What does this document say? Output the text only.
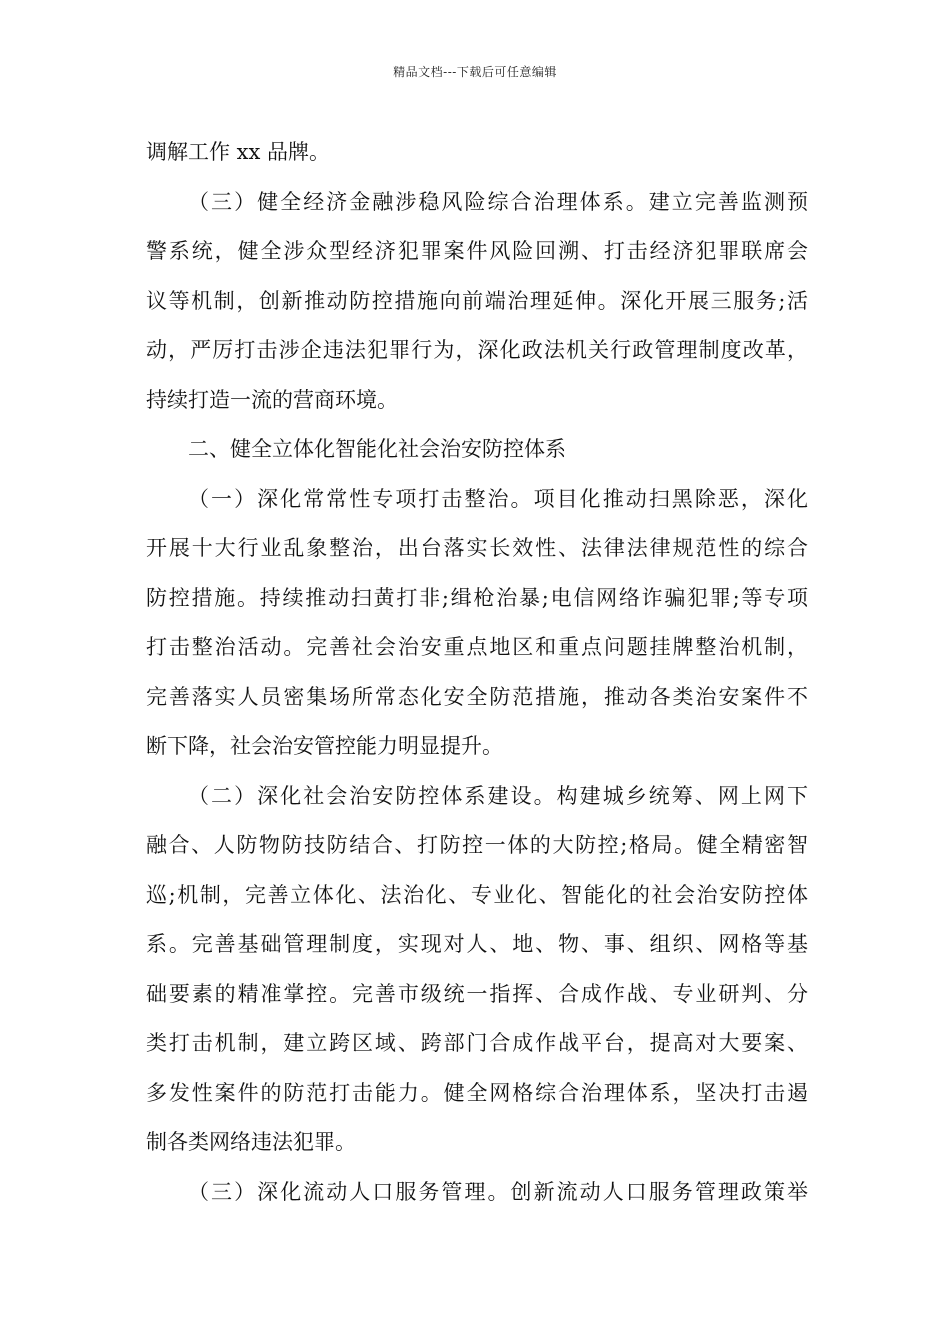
精品文档---下载后可任意编辑
调解工作 xx 品牌。
（三）健全经济金融涉稳风险综合治理体系。建立完善监测预
警系统，健全涉众型经济犯罪案件风险回溯、打击经济犯罪联席会
议等机制，创新推动防控措施向前端治理延伸。深化开展三服务;活
动，严厉打击涉企违法犯罪行为，深化政法机关行政管理制度改革，
持续打造一流的营商环境。
二、健全立体化智能化社会治安防控体系
（一）深化常常性专项打击整治。项目化推动扫黑除恶，深化
开展十大行业乱象整治，出台落实长效性、法律法律规范性的综合
防控措施。持续推动扫黄打非;缉枪治暴;电信网络诈骗犯罪;等专项
打击整治活动。完善社会治安重点地区和重点问题挂牌整治机制，
完善落实人员密集场所常态化安全防范措施，推动各类治安案件不
断下降，社会治安管控能力明显提升。
（二）深化社会治安防控体系建设。构建城乡统筹、网上网下
融合、人防物防技防结合、打防控一体的大防控;格局。健全精密智
巡;机制，完善立体化、法治化、专业化、智能化的社会治安防控体
系。完善基础管理制度，实现对人、地、物、事、组织、网格等基
础要素的精准掌控。完善市级统一指挥、合成作战、专业研判、分
类打击机制，建立跨区域、跨部门合成作战平台，提高对大要案、
多发性案件的防范打击能力。健全网格综合治理体系，坚决打击遏
制各类网络违法犯罪。
（三）深化流动人口服务管理。创新流动人口服务管理政策举
